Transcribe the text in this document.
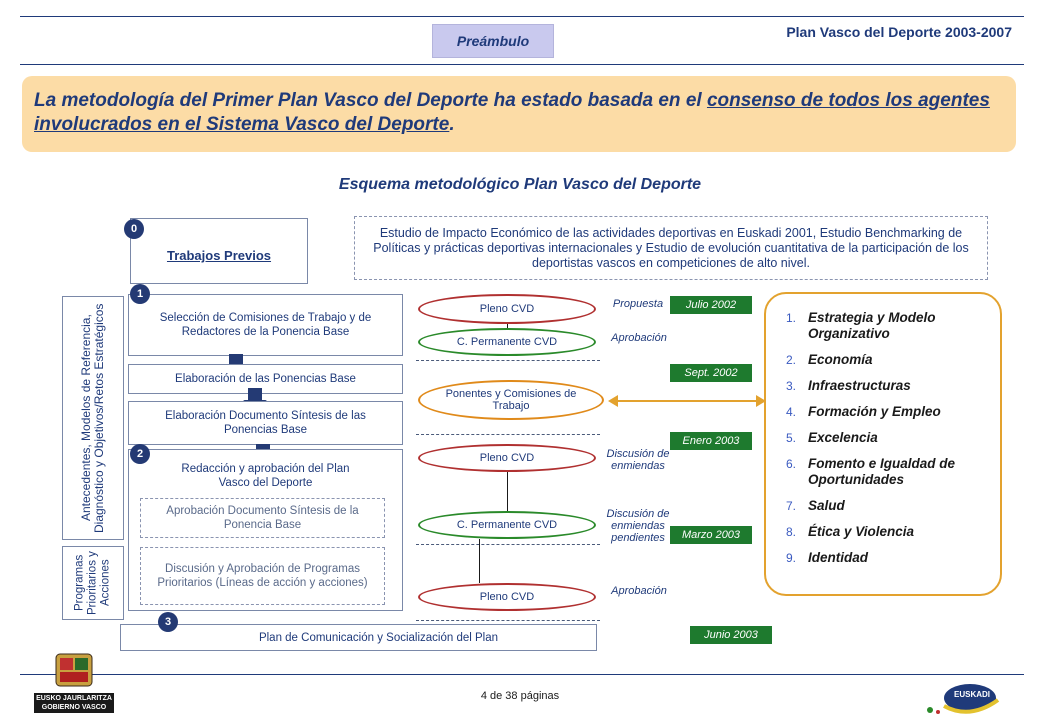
Preámbulo
Plan Vasco del Deporte 2003-2007
La metodología del Primer Plan Vasco del Deporte ha estado basada en el consenso de todos los agentes involucrados en el Sistema Vasco del Deporte.
Esquema metodológico Plan Vasco del Deporte
Trabajos Previos
0	Estudio de Impacto Económico de las actividades deportivas en Euskadi 2001, Estudio Benchmarking de Políticas y prácticas deportivas internacionales y Estudio de evolución cuantitativa de la participación de los deportistas vascos en competiciones de alto nivel.
Antecedentes, Modelos de Referencia, Diagnóstico y Objetivos/Retos Estratégicos
Programas Prioritarios y Acciones
Selección de Comisiones de Trabajo y de Redactores de la Ponencia Base
1
Elaboración de las Ponencias Base
Elaboración Documento Síntesis de las Ponencias Base
Redacción y aprobación del Plan Vasco del Deporte
2
Aprobación Documento Síntesis de la Ponencia Base
Discusión y Aprobación de Programas Prioritarios (Líneas de acción y acciones)
Plan de Comunicación y Socialización del Plan
3
Pleno CVD
C. Permanente CVD
Ponentes y Comisiones de Trabajo
Pleno CVD
C. Permanente CVD
Pleno CVD
Propuesta
Aprobación
Discusión de enmiendas
Discusión de enmiendas pendientes
Aprobación
Julio 2002
Sept. 2002
Enero 2003
Marzo 2003
Junio 2003
1. Estrategia y Modelo Organizativo
2. Economía
3. Infraestructuras
4. Formación y Empleo
5. Excelencia
6. Fomento e Igualdad de Oportunidades
7. Salud
8. Ética y Violencia
9. Identidad
4 de 38 páginas
EUSKO JAURLARITZA
GOBIERNO VASCO
EUSKADI
